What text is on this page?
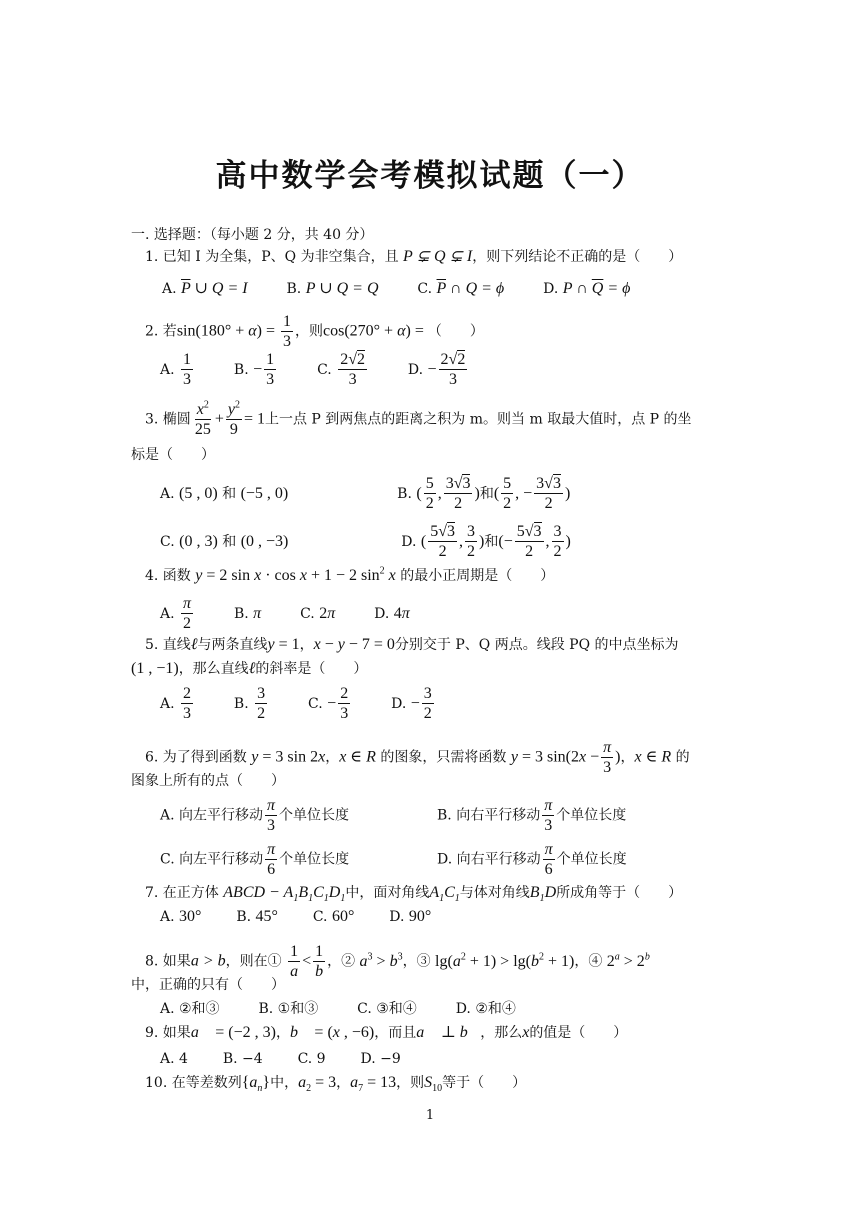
高中数学会考模拟试题（一）
一. 选择题：（每小题 2 分，共 40 分）
1. 已知 I 为全集，P、Q 为非空集合，且 P ⊊ Q ⊊ I，则下列结论不正确的是（　　）
A. $\overline{P}$ ∪ Q = I	B. P ∪ Q = Q	C. $\overline{P}$ ∩ Q = ϕ	D. P ∩ $\overline{Q} = \phi$
2. 若$\sin(180^\circ + \alpha) = \frac{1}{3}$ ，则cos(270° + α) = （　　）
A. $\frac{1}{3}$	B. − $\frac{1}{3}$	C. $\frac{2√2}{3}$	D. − $\frac{2√2}{3}$
3. 椭圆 $\frac{x^2}{25} + \frac{y^2}{9} = 1$上一点 P 到两焦点的距离之积为 m。则当 m 取最大值时，点 P 的坐
标是（　　）
A. (5 , 0) 和 (−5 , 0)	B. ( $\frac{5}{2}$ , $\frac{3√3}{2}$ )和( $\frac{5}{2}$ , − $\frac{3√3}{2}$ )
C. (0 , 3) 和 (0 , −3)	D. ( $\frac{5√3}{2}$ , $\frac{3}{2}$ )和(− $\frac{5√3}{2}$ , $\frac{3}{2}$ )
4. 函数 y = 2 sin x · cos x + 1 − 2 $\sin^2 x$ 的最小正周期是（　　）
A. $\frac{\pi}{2}$	B. π	C. 2π	D. 4π
5. 直线ℓ与两条直线y = 1，x − y − 7 = 0分别交于 P、Q 两点。线段 PQ 的中点坐标为
(1 , −1)，那么直线ℓ的斜率是（　　）
A. $\frac{2}{3}$	B. $\frac{3}{2}$	C. − $\frac{2}{3}$	D. − $\frac{3}{2}$
6. 为了得到函数 y = 3 sin 2x，x ∈ R 的图象，只需将函数 y = 3 $\sin(2x - \frac{\pi}{3}$ )，x ∈ R 的
图象上所有的点（　　）
A. 向左平行移动 $\frac{\pi}{3}$ 个单位长度	B. 向右平行移动 $\frac{\pi}{3}$ 个单位长度
C. 向左平行移动 $\frac{\pi}{6}$ 个单位长度	D. 向右平行移动 $\frac{\pi}{6}$ 个单位长度
7. 在正方体 ABCD − $A_1B_1C_1D_1$中，面对角线$A_1C_1$与体对角线$B_1D$所成角等于（　　）
A. 30° B. 45° C. 60° D. 90°
8. 如果a > b，则在① $\frac{1}{a} < \frac{1}{b}$ ，② $a^3 > b^3$，③ $\lg(a^2 + 1) > \lg(b^2 + 1)$，④ $2^a > 2^b$
中，正确的只有（　　）
A. ②和③	B. ①和③	C. ③和④	D. ②和④
9. 如果a⃗ = (−2 , 3)，b⃗ = (x , −6)，而且a⃗ ⊥ b⃗，那么x的值是（　　）
A. 4 B. −4 C. 9 D. −9
10. 在等差数列$\{a_n\}$中，$a_2 = 3$，$a_7 = 13$，则$S_{10}$等于（　　）
1
